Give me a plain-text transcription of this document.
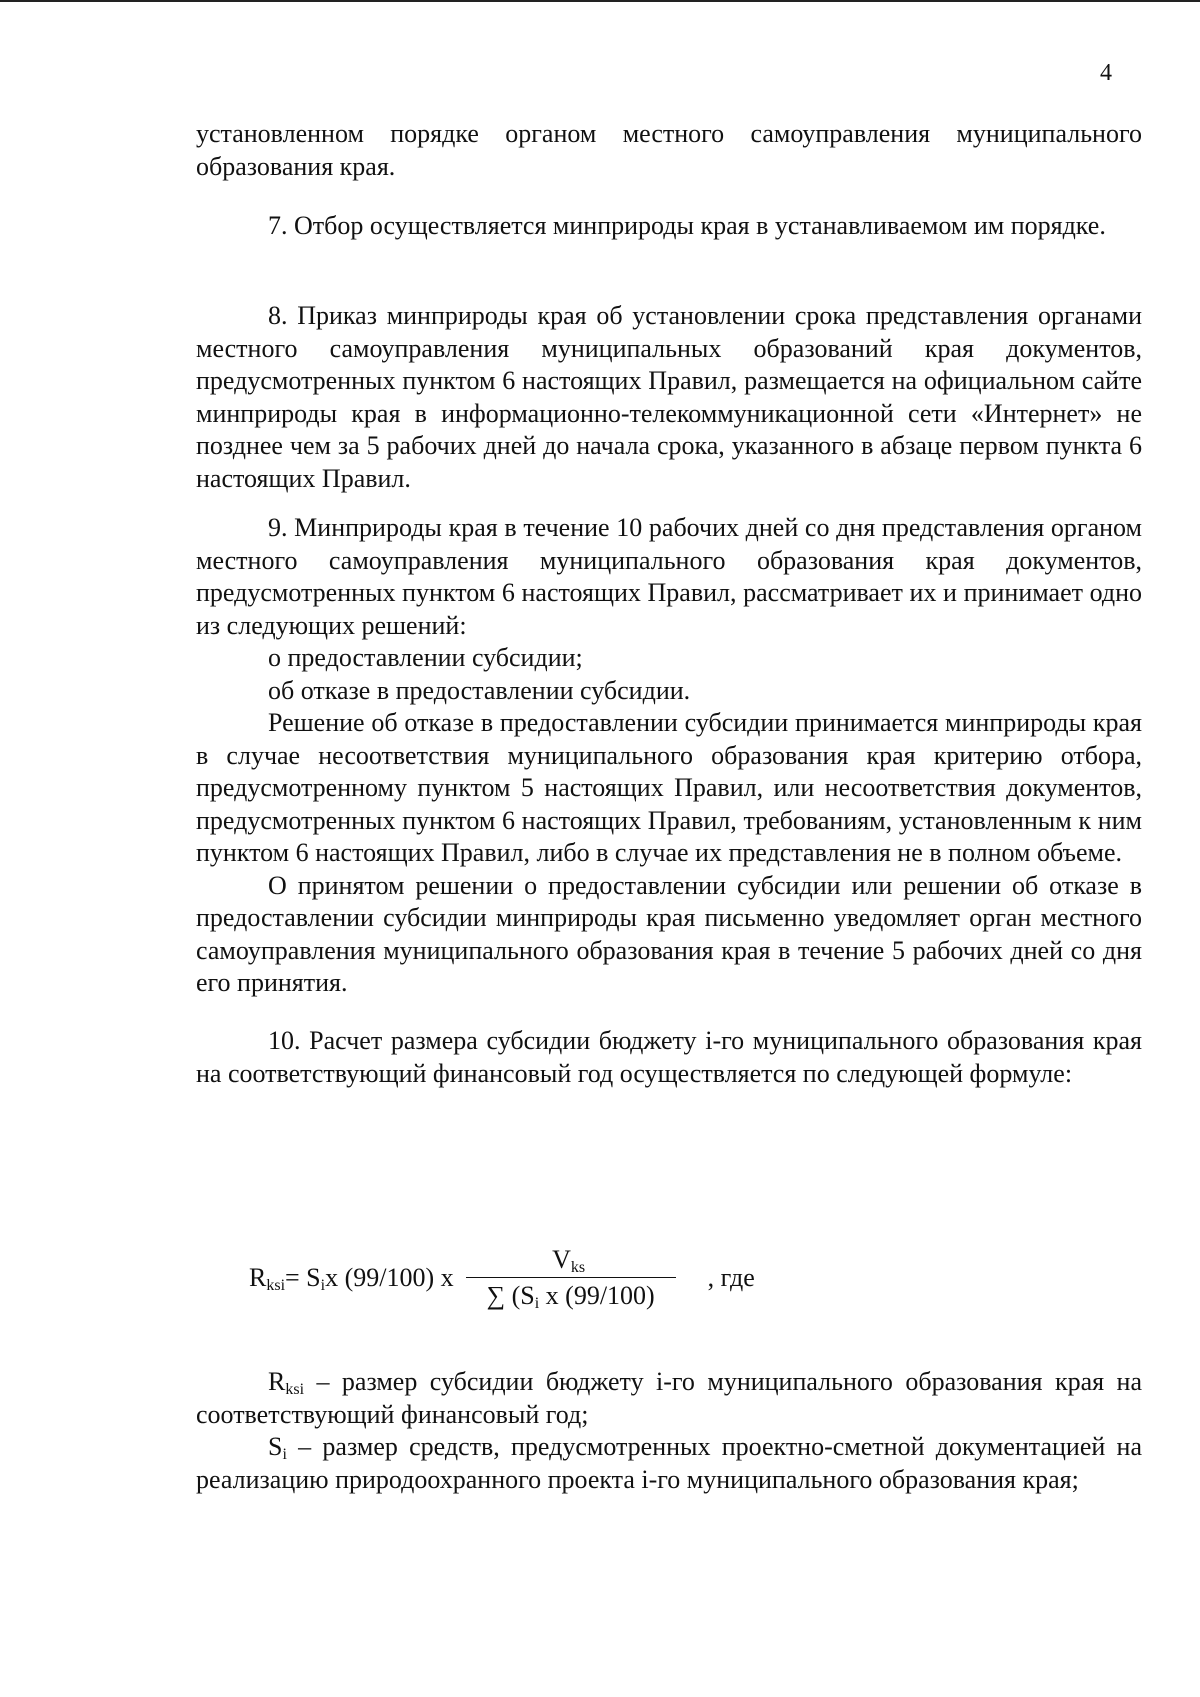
4
установленном порядке органом местного самоуправления муниципального образования края.
7. Отбор осуществляется минприроды края в устанавливаемом им порядке.
8. Приказ минприроды края об установлении срока представления органами местного самоуправления муниципальных образований края документов, предусмотренных пунктом 6 настоящих Правил, размещается на официальном сайте минприроды края в информационно-телекоммуникационной сети «Интернет» не позднее чем за 5 рабочих дней до начала срока, указанного в абзаце первом пункта 6 настоящих Правил.
9. Минприроды края в течение 10 рабочих дней со дня представления органом местного самоуправления муниципального образования края документов, предусмотренных пунктом 6 настоящих Правил, рассматривает их и принимает одно из следующих решений:
о предоставлении субсидии;
об отказе в предоставлении субсидии.
Решение об отказе в предоставлении субсидии принимается минприроды края в случае несоответствия муниципального образования края критерию отбора, предусмотренному пунктом 5 настоящих Правил, или несоответствия документов, предусмотренных пунктом 6 настоящих Правил, требованиям, установленным к ним пунктом 6 настоящих Правил, либо в случае их представления не в полном объеме.
О принятом решении о предоставлении субсидии или решении об отказе в предоставлении субсидии минприроды края письменно уведомляет орган местного самоуправления муниципального образования края в течение 5 рабочих дней со дня его принятия.
10. Расчет размера субсидии бюджету i-го муниципального образования края на соответствующий финансовый год осуществляется по следующей формуле:
$R_{ksi} = S_i$ x (99/100) x $\frac{V_{ks}}{\sum (S_i x (99/100)}$ , где
$R_{ksi}$ – размер субсидии бюджету i-го муниципального образования края на соответствующий финансовый год;
$S_i$ – размер средств, предусмотренных проектно-сметной документацией на реализацию природоохранного проекта i-го муниципального образования края;
